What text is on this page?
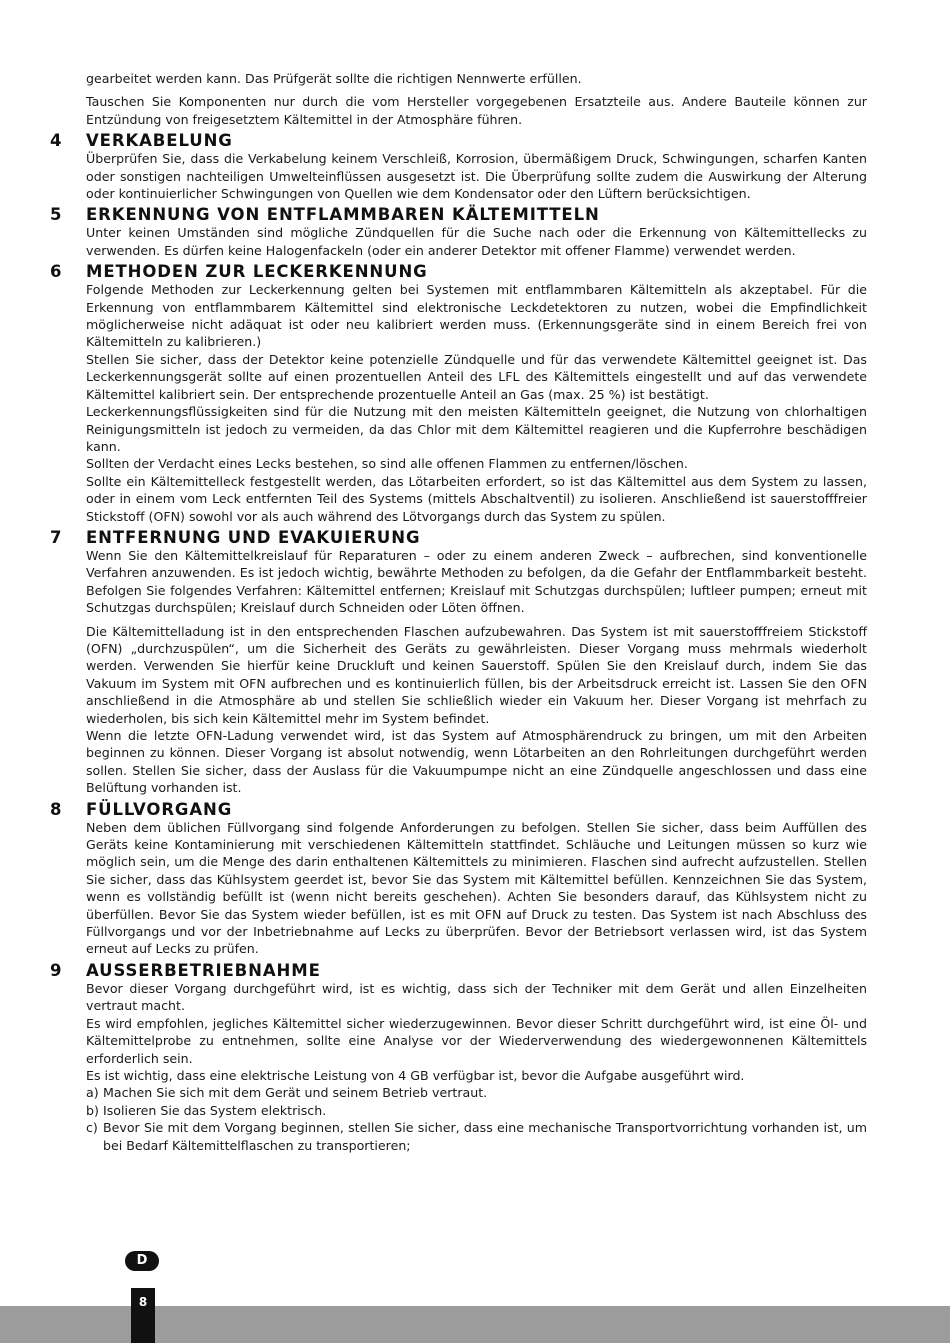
gearbeitet werden kann. Das Prüfgerät sollte die richtigen Nennwerte erfüllen.

Tauschen Sie Komponenten nur durch die vom Hersteller vorgegebenen Ersatzteile aus. Andere Bauteile können zur Entzündung von freigesetztem Kältemittel in der Atmosphäre führen.

4 VERKABELUNG

Überprüfen Sie, dass die Verkabelung keinem Verschleiß, Korrosion, übermäßigem Druck, Schwingungen, scharfen Kanten oder sonstigen nachteiligen Umwelteinflüssen ausgesetzt ist. Die Überprüfung sollte zudem die Auswirkung der Alterung oder kontinuierlicher Schwingungen von Quellen wie dem Kondensator oder den Lüftern berücksichtigen.

5 ERKENNUNG VON ENTFLAMMBAREN KÄLTEMITTELN

Unter keinen Umständen sind mögliche Zündquellen für die Suche nach oder die Erkennung von Kältemittellecks zu verwenden. Es dürfen keine Halogenfackeln (oder ein anderer Detektor mit offener Flamme) verwendet werden.

6 METHODEN ZUR LECKERKENNUNG

Folgende Methoden zur Leckerkennung gelten bei Systemen mit entflammbaren Kältemitteln als akzeptabel. Für die Erkennung von entflammbarem Kältemittel sind elektronische Leckdetektoren zu nutzen, wobei die Empfindlichkeit möglicherweise nicht adäquat ist oder neu kalibriert werden muss. (Erkennungsgeräte sind in einem Bereich frei von Kältemitteln zu kalibrieren.)

Stellen Sie sicher, dass der Detektor keine potenzielle Zündquelle und für das verwendete Kältemittel geeignet ist. Das Leckerkennungsgerät sollte auf einen prozentuellen Anteil des LFL des Kältemittels eingestellt und auf das verwendete Kältemittel kalibriert sein. Der entsprechende prozentuelle Anteil an Gas (max. 25 %) ist bestätigt.

Leckerkennungsflüssigkeiten sind für die Nutzung mit den meisten Kältemitteln geeignet, die Nutzung von chlorhaltigen Reinigungsmitteln ist jedoch zu vermeiden, da das Chlor mit dem Kältemittel reagieren und die Kupferrohre beschädigen kann.

Sollten der Verdacht eines Lecks bestehen, so sind alle offenen Flammen zu entfernen/löschen.

Sollte ein Kältemittelleck festgestellt werden, das Lötarbeiten erfordert, so ist das Kältemittel aus dem System zu lassen, oder in einem vom Leck entfernten Teil des Systems (mittels Abschaltventil) zu isolieren. Anschließend ist sauerstofffreier Stickstoff (OFN) sowohl vor als auch während des Lötvorgangs durch das System zu spülen.

7 ENTFERNUNG UND EVAKUIERUNG

Wenn Sie den Kältemittelkreislauf für Reparaturen – oder zu einem anderen Zweck – aufbrechen, sind konventionelle Verfahren anzuwenden. Es ist jedoch wichtig, bewährte Methoden zu befolgen, da die Gefahr der Entflammbarkeit besteht. Befolgen Sie folgendes Verfahren: Kältemittel entfernen; Kreislauf mit Schutzgas durchspülen; luftleer pumpen; erneut mit Schutzgas durchspülen; Kreislauf durch Schneiden oder Löten öffnen.

Die Kältemittelladung ist in den entsprechenden Flaschen aufzubewahren. Das System ist mit sauerstofffreiem Stickstoff (OFN) „durchzuspülen“, um die Sicherheit des Geräts zu gewährleisten. Dieser Vorgang muss mehrmals wiederholt werden. Verwenden Sie hierfür keine Druckluft und keinen Sauerstoff. Spülen Sie den Kreislauf durch, indem Sie das Vakuum im System mit OFN aufbrechen und es kontinuierlich füllen, bis der Arbeitsdruck erreicht ist. Lassen Sie den OFN anschließend in die Atmosphäre ab und stellen Sie schließlich wieder ein Vakuum her. Dieser Vorgang ist mehrfach zu wiederholen, bis sich kein Kältemittel mehr im System befindet.

Wenn die letzte OFN-Ladung verwendet wird, ist das System auf Atmosphärendruck zu bringen, um mit den Arbeiten beginnen zu können. Dieser Vorgang ist absolut notwendig, wenn Lötarbeiten an den Rohrleitungen durchgeführt werden sollen. Stellen Sie sicher, dass der Auslass für die Vakuumpumpe nicht an eine Zündquelle angeschlossen und dass eine Belüftung vorhanden ist.

8 FÜLLVORGANG

Neben dem üblichen Füllvorgang sind folgende Anforderungen zu befolgen. Stellen Sie sicher, dass beim Auffüllen des Geräts keine Kontaminierung mit verschiedenen Kältemitteln stattfindet. Schläuche und Leitungen müssen so kurz wie möglich sein, um die Menge des darin enthaltenen Kältemittels zu minimieren. Flaschen sind aufrecht aufzustellen. Stellen Sie sicher, dass das Kühlsystem geerdet ist, bevor Sie das System mit Kältemittel befüllen. Kennzeichnen Sie das System, wenn es vollständig befüllt ist (wenn nicht bereits geschehen). Achten Sie besonders darauf, das Kühlsystem nicht zu überfüllen. Bevor Sie das System wieder befüllen, ist es mit OFN auf Druck zu testen. Das System ist nach Abschluss des Füllvorgangs und vor der Inbetriebnahme auf Lecks zu überprüfen. Bevor der Betriebsort verlassen wird, ist das System erneut auf Lecks zu prüfen.

9 AUSSERBETRIEBNAHME

Bevor dieser Vorgang durchgeführt wird, ist es wichtig, dass sich der Techniker mit dem Gerät und allen Einzelheiten vertraut macht.

Es wird empfohlen, jegliches Kältemittel sicher wiederzugewinnen. Bevor dieser Schritt durchgeführt wird, ist eine Öl- und Kältemittelprobe zu entnehmen, sollte eine Analyse vor der Wiederverwendung des wiedergewonnenen Kältemittels erforderlich sein.

Es ist wichtig, dass eine elektrische Leistung von 4 GB verfügbar ist, bevor die Aufgabe ausgeführt wird.

a) Machen Sie sich mit dem Gerät und seinem Betrieb vertraut.
b) Isolieren Sie das System elektrisch.
c) Bevor Sie mit dem Vorgang beginnen, stellen Sie sicher, dass eine mechanische Transportvorrichtung vorhanden ist, um bei Bedarf Kältemittelflaschen zu transportieren;
D
8
